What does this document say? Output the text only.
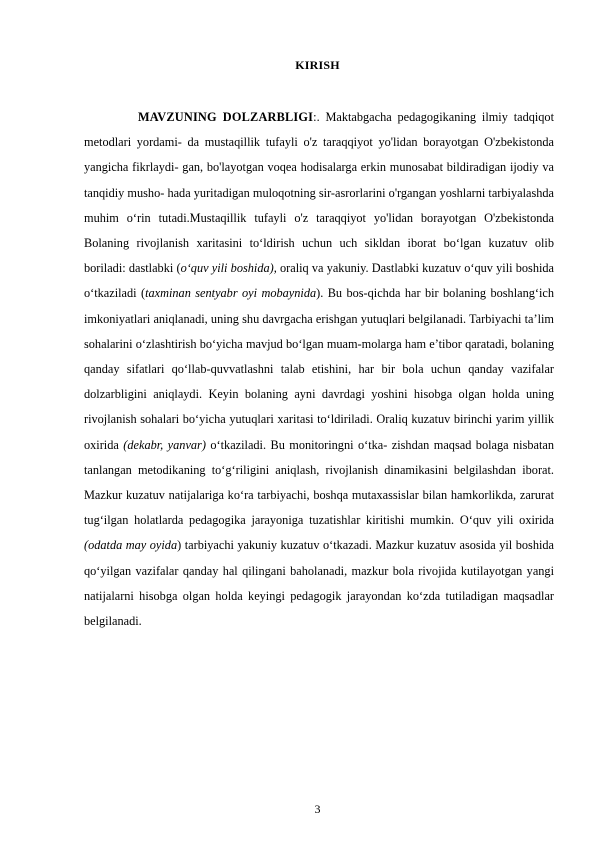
KIRISH

MAVZUNING DOLZARBLIGI:. Maktabgacha pedagogikaning ilmiy tadqiqot metodlari yordami- da mustaqillik tufayli o'z taraqqiyot yo'lidan borayotgan O'zbekistonda yangicha fikrlaydi- gan, bo'layotgan voqea hodisalarga erkin munosabat bildiradigan ijodiy va tanqidiy musho- hada yuritadigan muloqotning sir-asrorlarini o'rgangan yoshlarni tarbiyalashda muhim o‘rin tutadi.Mustaqillik tufayli o'z taraqqiyot yo'lidan borayotgan O'zbekistonda Bolaning rivojlanish xaritasini to‘ldirish uchun uch sikldan iborat bo‘lgan kuzatuv olib boriladi: dastlabki (o‘quv yili boshida), oraliq va yakuniy. Dastlabki kuzatuv o‘quv yili boshida o‘tkaziladi (taxminan sentyabr oyi mobaynida). Bu bos-qichda har bir bolaning boshlang‘ich imkoniyatlari aniqlanadi, uning shu davrgacha erishgan yutuqlari belgilanadi. Tarbiyachi ta’lim sohalarini o‘zlashtirish bo‘yicha mavjud bo‘lgan muam-molarga ham e’tibor qaratadi, bolaning qanday sifatlari qo‘llab-quvvatlashni talab etishini, har bir bola uchun qanday vazifalar dolzarbligini aniqlaydi. Keyin bolaning ayni davrdagi yoshini hisobga olgan holda uning rivojlanish sohalari bo‘yicha yutuqlari xaritasi to‘ldiriladi. Oraliq kuzatuv birinchi yarim yillik oxirida (dekabr, yanvar) o‘tkaziladi. Bu monitoringni o‘tka- zishdan maqsad bolaga nisbatan tanlangan metodikaning to‘g‘riligini aniqlash, rivojlanish dinamikasini belgilashdan iborat. Mazkur kuzatuv natijalariga ko‘ra tarbiyachi, boshqa mutaxassislar bilan hamkorlikda, zarurat tug‘ilgan holatlarda pedagogika jarayoniga tuzatishlar kiritishi mumkin. O‘quv yili oxirida (odatda may oyida) tarbiyachi yakuniy kuzatuv o‘tkazadi. Mazkur kuzatuv asosida yil boshida qo‘yilgan vazifalar qanday hal qilingani baholanadi, mazkur bola rivojida kutilayotgan yangi natijalarni hisobga olgan holda keyingi pedagogik jarayondan ko‘zda tutiladigan maqsadlar belgilanadi.

3
